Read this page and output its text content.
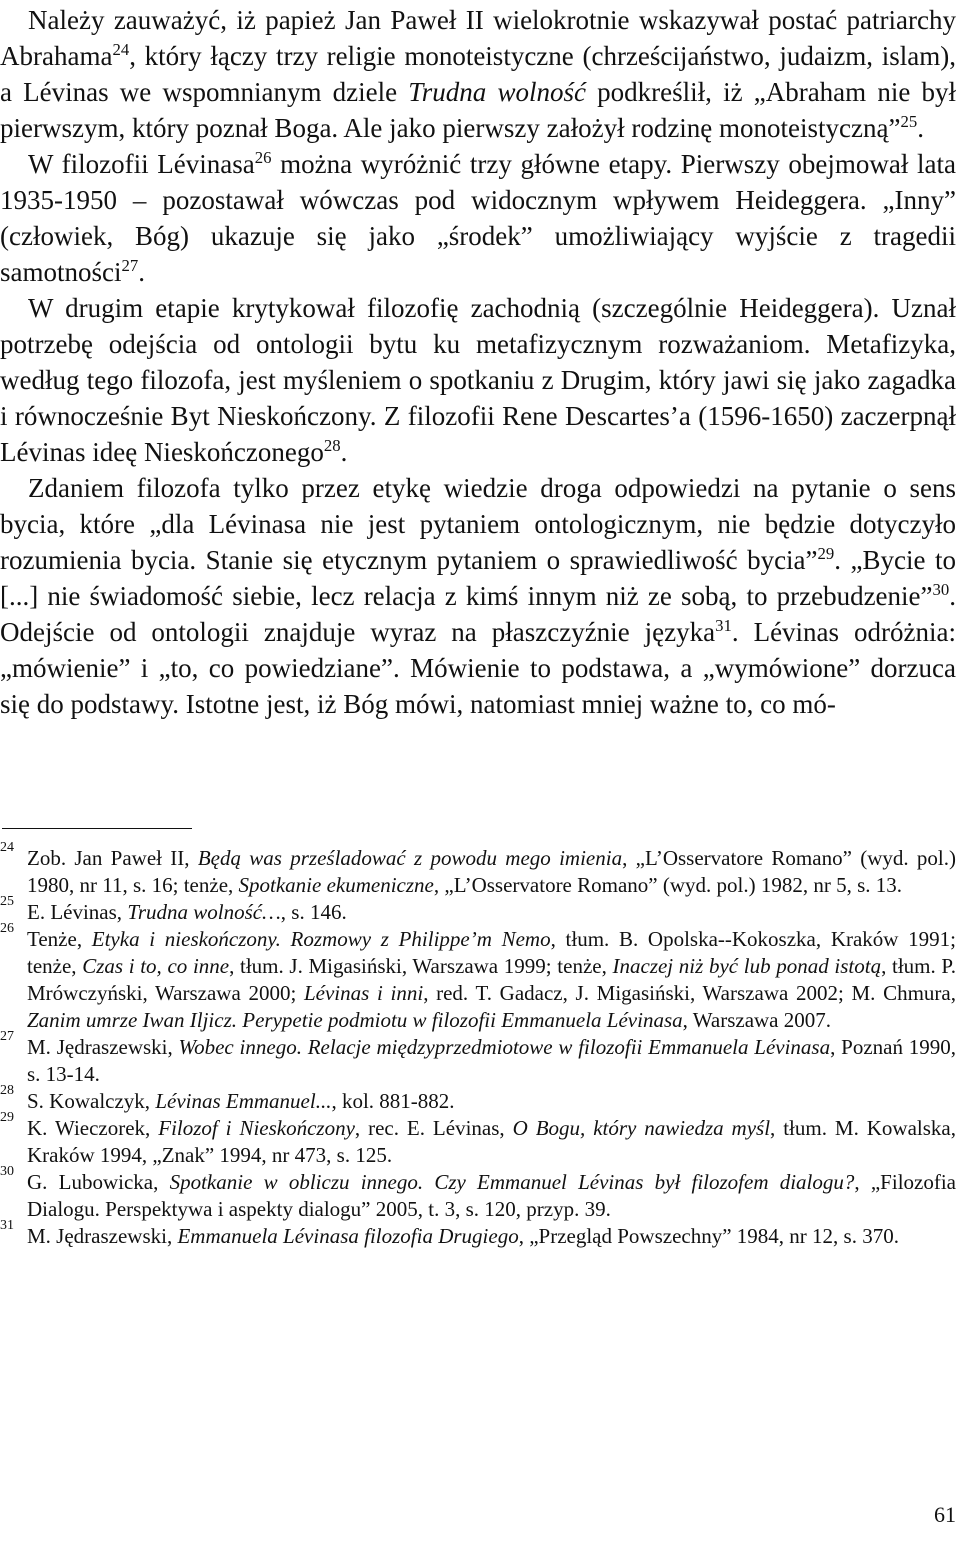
Należy zauważyć, iż papież Jan Paweł II wielokrotnie wskazywał postać patriarchy Abrahama$^{24}$, który łączy trzy religie monoteistyczne (chrześcijaństwo, judaizm, islam), a Lévinas we wspomnianym dziele Trudna wolność podkreślił, iż „Abraham nie był pierwszym, który poznał Boga. Ale jako pierwszy założył rodzinę monoteistyczną”$^{25}$.

W filozofii Lévinasa$^{26}$ można wyróżnić trzy główne etapy. Pierwszy obejmował lata 1935-1950 – pozostawał wówczas pod widocznym wpływem Heideggera. „Inny” (człowiek, Bóg) ukazuje się jako „środek” umożliwiający wyjście z tragedii samotności$^{27}$.

W drugim etapie krytykował filozofię zachodnią (szczególnie Heideggera). Uznał potrzebę odejścia od ontologii bytu ku metafizycznym rozważaniom. Metafizyka, według tego filozofa, jest myśleniem o spotkaniu z Drugim, który jawi się jako zagadka i równocześnie Byt Nieskończony. Z filozofii Rene Descartes’a (1596-1650) zaczerpnął Lévinas ideę Nieskończonego$^{28}$.

Zdaniem filozofa tylko przez etykę wiedzie droga odpowiedzi na pytanie o sens bycia, które „dla Lévinasa nie jest pytaniem ontologicznym, nie będzie dotyczyło rozumienia bycia. Stanie się etycznym pytaniem o sprawiedliwość bycia”$^{29}$. „Bycie to [...] nie świadomość siebie, lecz relacja z kimś innym niż ze sobą, to przebudzenie”$^{30}$. Odejście od ontologii znajduje wyraz na płaszczyźnie języka$^{31}$. Lévinas odróżnia: „mówienie” i „to, co powiedziane”. Mówienie to podstawa, a „wymówione” dorzuca się do podstawy. Istotne jest, iż Bóg mówi, natomiast mniej ważne to, co mó-

24 Zob. Jan Paweł II, Będą was prześladować z powodu mego imienia, „L’Osservatore Romano” (wyd. pol.) 1980, nr 11, s. 16; tenże, Spotkanie ekumeniczne, „L’Osservatore Romano” (wyd. pol.) 1982, nr 5, s. 13.
25 E. Lévinas, Trudna wolność…, s. 146.
26 Tenże, Etyka i nieskończony. Rozmowy z Philippe’m Nemo, tłum. B. Opolska--Kokoszka, Kraków 1991; tenże, Czas i to, co inne, tłum. J. Migasiński, Warszawa 1999; tenże, Inaczej niż być lub ponad istotą, tłum. P. Mrówczyński, Warszawa 2000; Lévinas i inni, red. T. Gadacz, J. Migasiński, Warszawa 2002; M. Chmura, Zanim umrze Iwan Iljicz. Perypetie podmiotu w filozofii Emmanuela Lévinasa, Warszawa 2007.
27 M. Jędraszewski, Wobec innego. Relacje międzyprzedmiotowe w filozofii Emmanuela Lévinasa, Poznań 1990, s. 13-14.
28 S. Kowalczyk, Lévinas Emmanuel..., kol. 881-882.
29 K. Wieczorek, Filozof i Nieskończony, rec. E. Lévinas, O Bogu, który nawiedza myśl, tłum. M. Kowalska, Kraków 1994, „Znak” 1994, nr 473, s. 125.
30 G. Lubowicka, Spotkanie w obliczu innego. Czy Emmanuel Lévinas był filozofem dialogu?, „Filozofia Dialogu. Perspektywa i aspekty dialogu” 2005, t. 3, s. 120, przyp. 39.
31 M. Jędraszewski, Emmanuela Lévinasa filozofia Drugiego, „Przegląd Powszechny” 1984, nr 12, s. 370.
61
